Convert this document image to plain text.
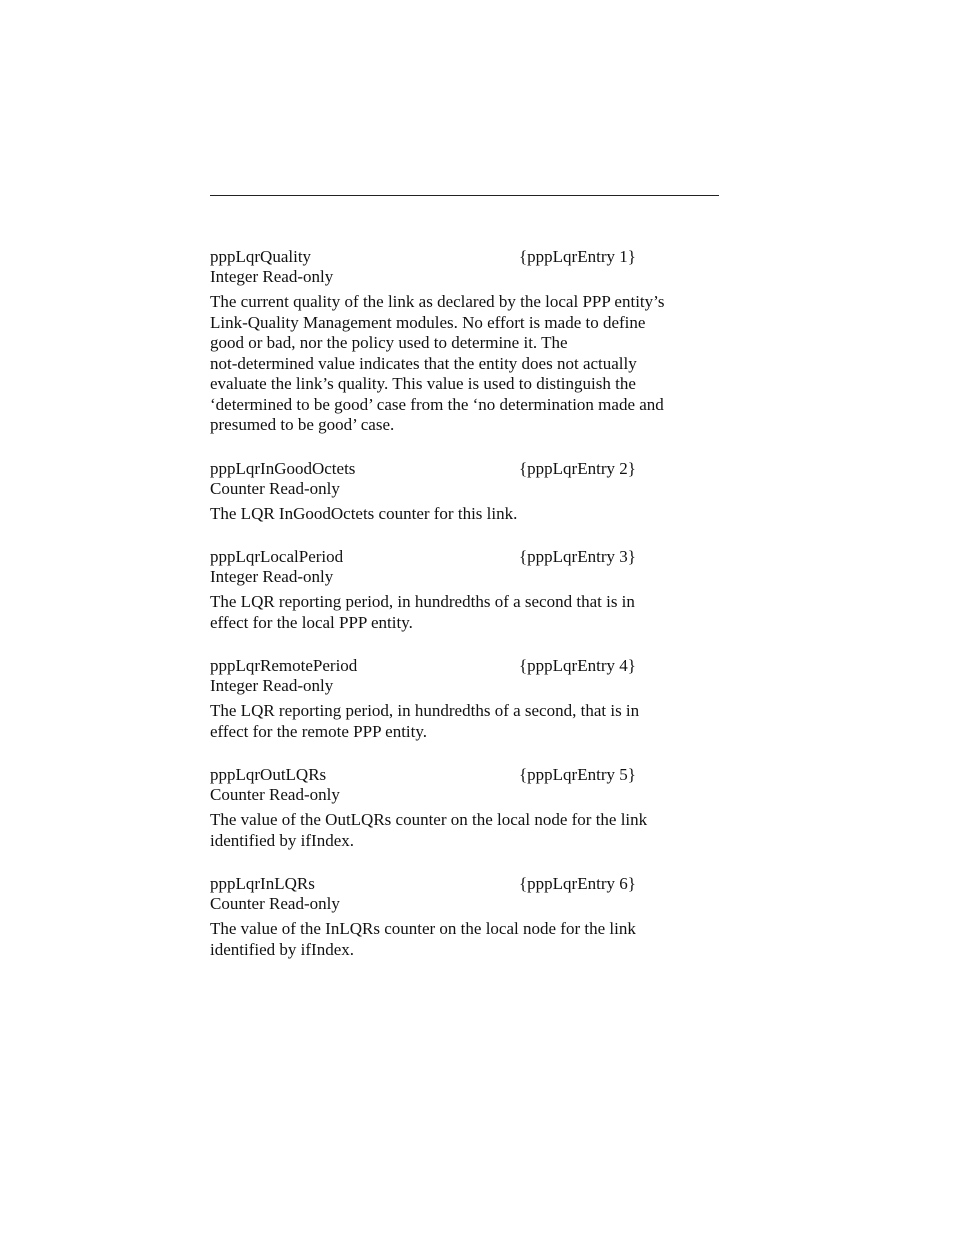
pppLqrQuality	{pppLqrEntry 1}
Integer Read-only
The current quality of the link as declared by the local PPP entity’s
Link-Quality Management modules. No effort is made to define
good or bad, nor the policy used to determine it. The
not-determined value indicates that the entity does not actually
evaluate the link’s quality. This value is used to distinguish the
‘determined to be good’ case from the ‘no determination made and
presumed to be good’ case.
pppLqrInGoodOctets	{pppLqrEntry 2}
Counter Read-only
The LQR InGoodOctets counter for this link.
pppLqrLocalPeriod	{pppLqrEntry 3}
Integer Read-only
The LQR reporting period, in hundredths of a second that is in
effect for the local PPP entity.
pppLqrRemotePeriod	{pppLqrEntry 4}
Integer Read-only
The LQR reporting period, in hundredths of a second, that is in
effect for the remote PPP entity.
pppLqrOutLQRs	{pppLqrEntry 5}
Counter Read-only
The value of the OutLQRs counter on the local node for the link
identified by ifIndex.
pppLqrInLQRs	{pppLqrEntry 6}
Counter Read-only
The value of the InLQRs counter on the local node for the link
identified by ifIndex.
